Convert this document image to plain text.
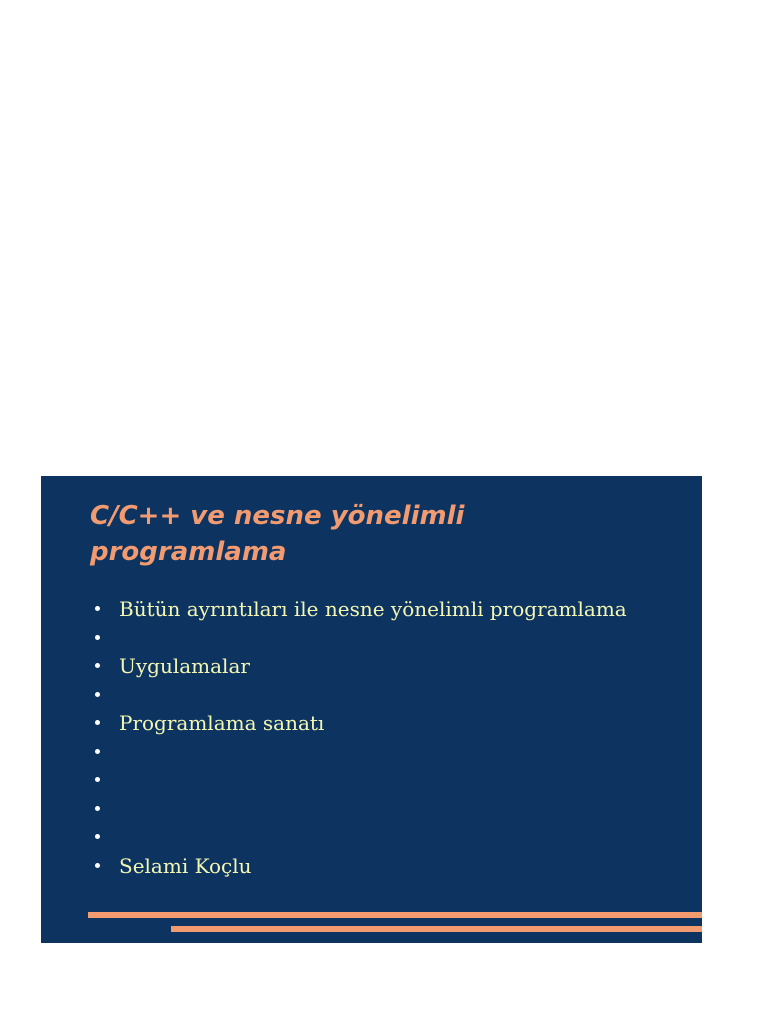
C/C++ ve nesne yönelimli programlama
Bütün ayrıntıları ile nesne yönelimli programlama
Uygulamalar
Programlama sanatı
Selami Koçlu
